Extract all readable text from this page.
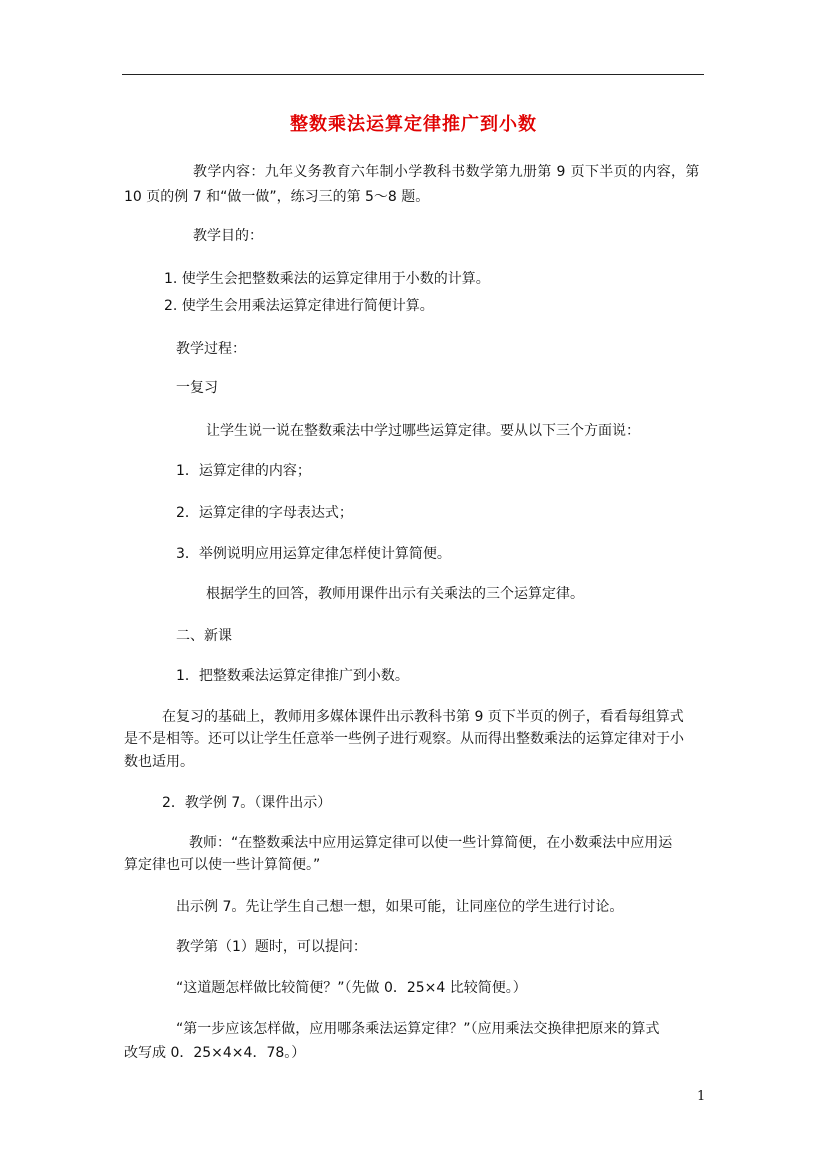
整数乘法运算定律推广到小数
教学内容：九年义务教育六年制小学教科书数学第九册第 9 页下半页的内容，第
10 页的例 7 和“做一做”，练习三的第 5～8 题。
教学目的：
1. 使学生会把整数乘法的运算定律用于小数的计算。
2. 使学生会用乘法运算定律进行简便计算。
教学过程：
一复习
让学生说一说在整数乘法中学过哪些运算定律。要从以下三个方面说：
1．运算定律的内容；
2．运算定律的字母表达式；
3．举例说明应用运算定律怎样使计算简便。
根据学生的回答，教师用课件出示有关乘法的三个运算定律。
二、新课
1．把整数乘法运算定律推广到小数。
在复习的基础上，教师用多媒体课件出示教科书第 9 页下半页的例子，看看每组算式
是不是相等。还可以让学生任意举一些例子进行观察。从而得出整数乘法的运算定律对于小
数也适用。
2．教学例 7。（课件出示）
教师：“在整数乘法中应用运算定律可以使一些计算简便，在小数乘法中应用运
算定律也可以使一些计算简便。”
出示例 7。先让学生自己想一想，如果可能，让同座位的学生进行讨论。
教学第（1）题时，可以提问：
“这道题怎样做比较简便？”（先做 0．25×4 比较简便。）
“第一步应该怎样做，应用哪条乘法运算定律？”（应用乘法交换律把原来的算式
改写成 0．25×4×4．78。）
1
